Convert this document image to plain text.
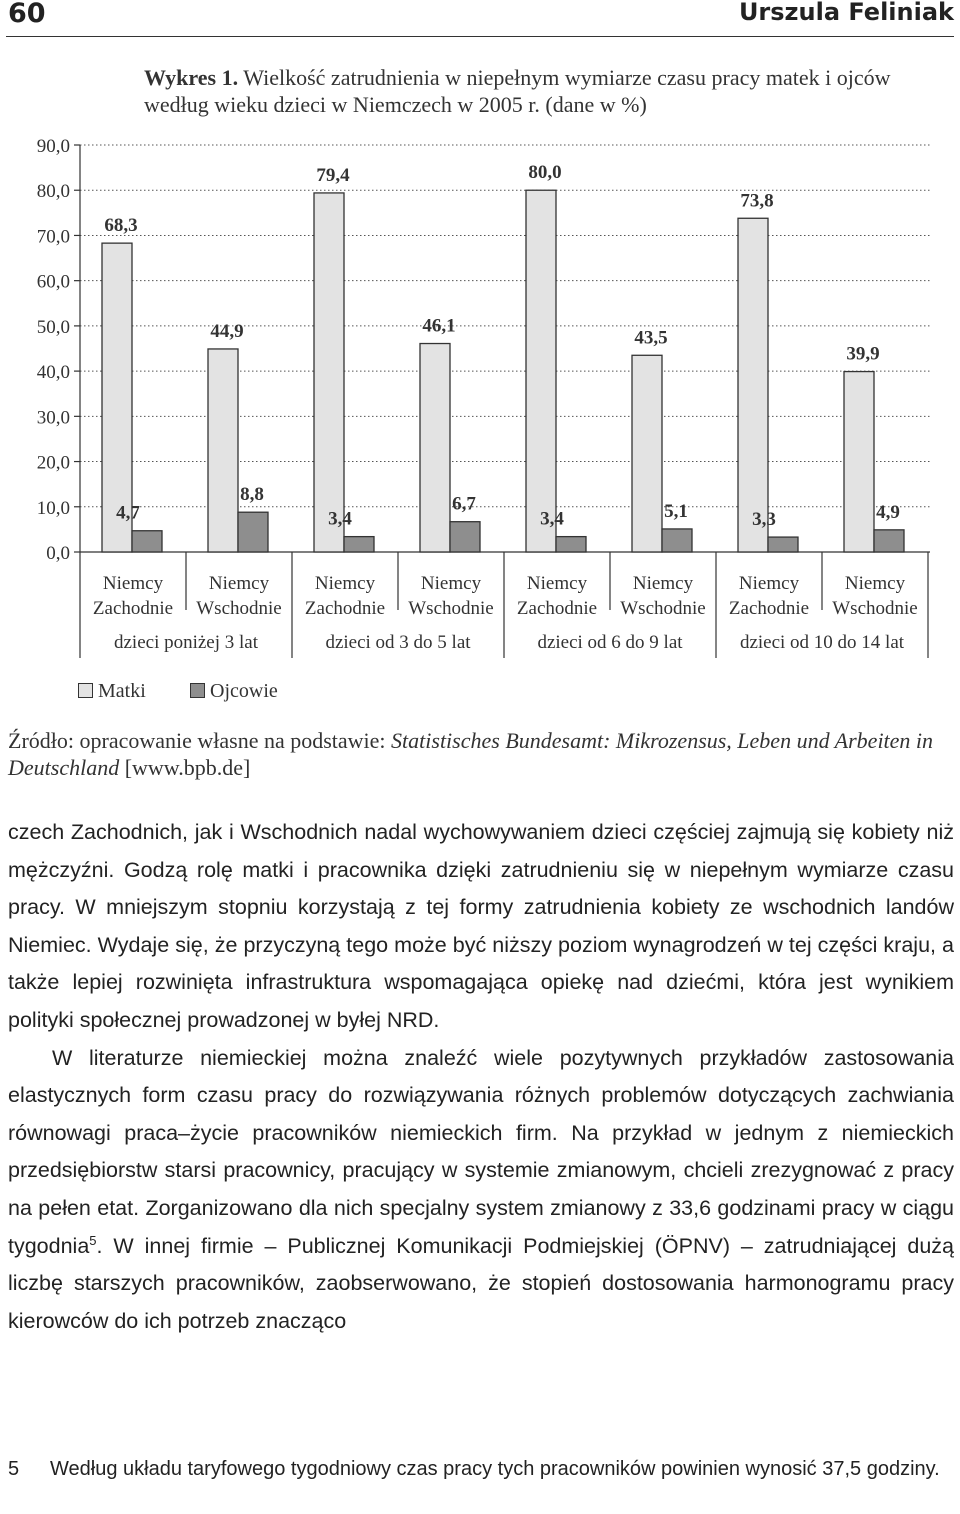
60	Urszula Feliniak
Wykres 1. Wielkość zatrudnienia w niepełnym wymiarze czasu pracy matek i ojców według wieku dzieci w Niemczech w 2005 r. (dane w %)
0,0
10,0
20,0
30,0
40,0
50,0
60,0
70,0
80,0
90,0
68,3
4,7
Niemcy
Zachodnie
44,9
8,8
Niemcy
Wschodnie
79,4
3,4
Niemcy
Zachodnie
46,1
6,7
Niemcy
Wschodnie
80,0
3,4
Niemcy
Zachodnie
43,5
5,1
Niemcy
Wschodnie
73,8
3,3
Niemcy
Zachodnie
39,9
4,9
Niemcy
Wschodnie
dzieci poniżej 3 lat	dzieci od 3 do 5 lat	dzieci od 6 do 9 lat	dzieci od 10 do 14 lat
Matki	Ojcowie
Źródło: opracowanie własne na podstawie: Statistisches Bundesamt: Mikrozensus, Leben und Arbeiten in Deutschland [www.bpb.de]

czech Zachodnich, jak i Wschodnich nadal wychowywaniem dzieci częściej zajmują się kobiety niż mężczyźni. Godzą rolę matki i pracownika dzięki zatrudnieniu się w niepełnym wymiarze czasu pracy. W mniejszym stopniu korzystają z tej formy zatrudnienia kobiety ze wschodnich landów Niemiec. Wydaje się, że przyczyną tego może być niższy poziom wynagrodzeń w tej części kraju, a także lepiej rozwinięta infrastruktura wspomagająca opiekę nad dziećmi, która jest wynikiem polityki społecznej prowadzonej w byłej NRD.

W literaturze niemieckiej można znaleźć wiele pozytywnych przykładów zastosowania elastycznych form czasu pracy do rozwiązywania różnych problemów dotyczących zachwiania równowagi praca–życie pracowników niemieckich firm. Na przykład w jednym z niemieckich przedsiębiorstw starsi pracownicy, pracujący w systemie zmianowym, chcieli zrezygnować z pracy na pełen etat. Zorganizowano dla nich specjalny system zmianowy z 33,6 godzinami pracy w ciągu tygodnia$^5$. W innej firmie – Publicznej Komunikacji Podmiejskiej (ÖPNV) – zatrudniającej dużą liczbę starszych pracowników, zaobserwowano, że stopień dostosowania harmonogramu pracy kierowców do ich potrzeb znacząco

5 Według układu taryfowego tygodniowy czas pracy tych pracowników powinien wynosić 37,5 godziny.
